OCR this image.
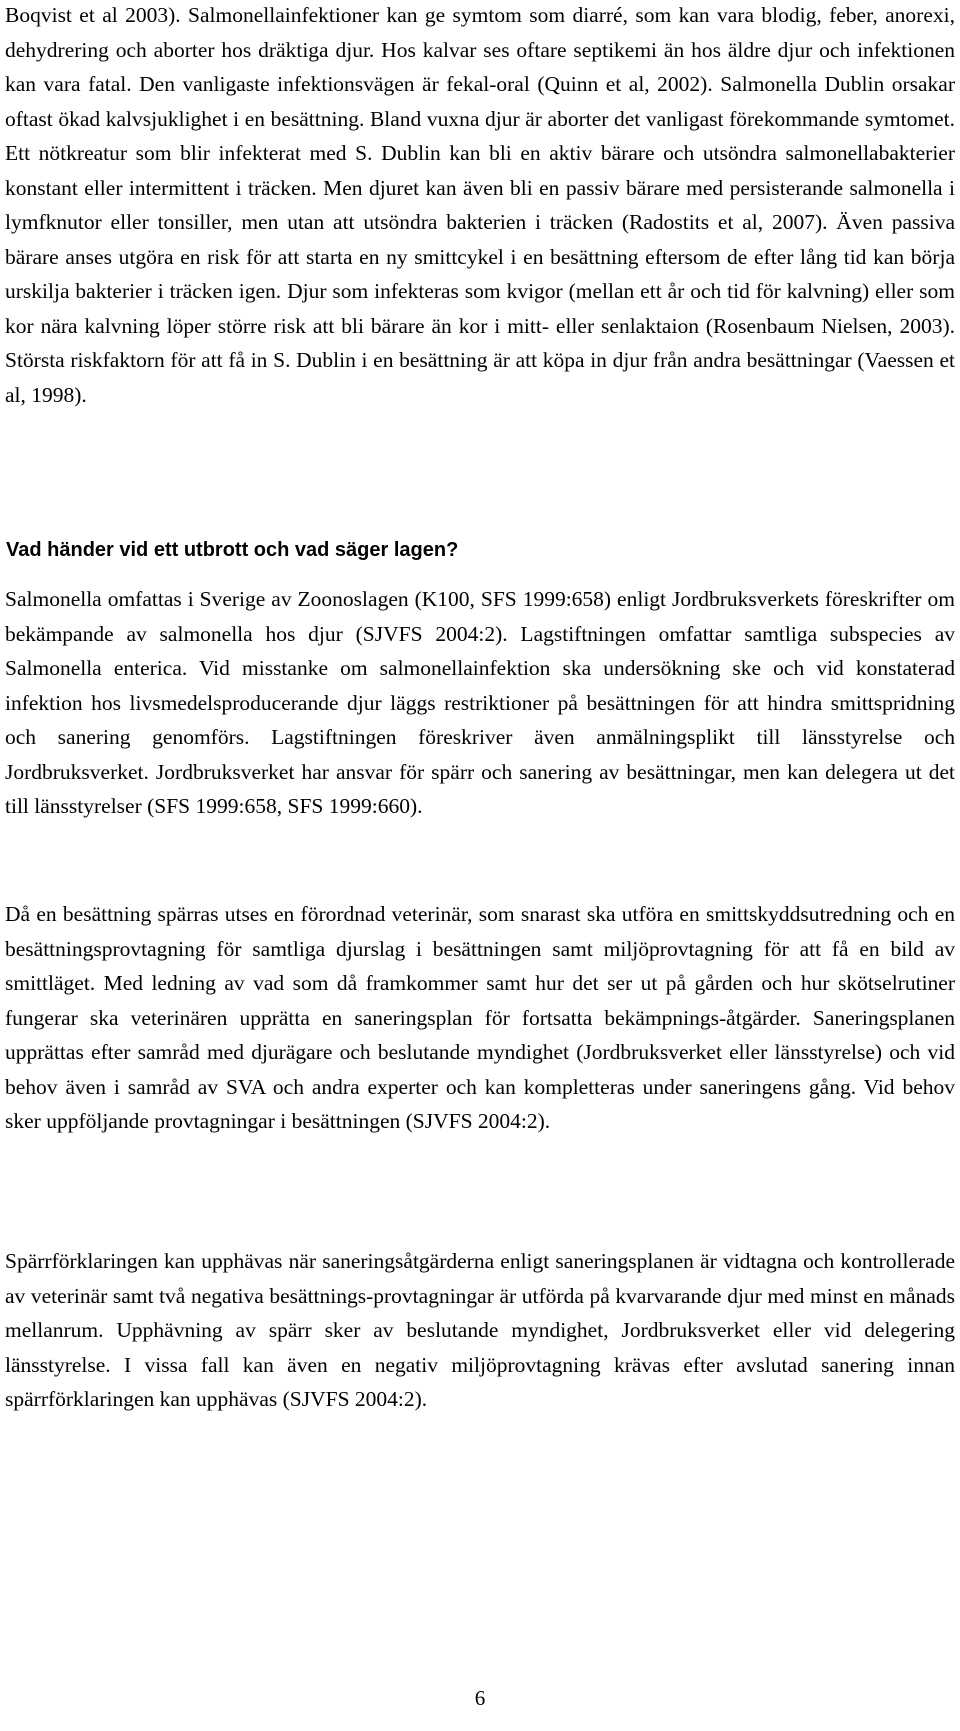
Boqvist et al 2003). Salmonellainfektioner kan ge symtom som diarré, som kan vara blodig, feber, anorexi, dehydrering och aborter hos dräktiga djur. Hos kalvar ses oftare septikemi än hos äldre djur och infektionen kan vara fatal. Den vanligaste infektionsvägen är fekal-oral (Quinn et al, 2002). Salmonella Dublin orsakar oftast ökad kalvsjuklighet i en besättning. Bland vuxna djur är aborter det vanligast förekommande symtomet. Ett nötkreatur som blir infekterat med S. Dublin kan bli en aktiv bärare och utsöndra salmonellabakterier konstant eller intermittent i träcken. Men djuret kan även bli en passiv bärare med persisterande salmonella i lymfknutor eller tonsiller, men utan att utsöndra bakterien i träcken (Radostits et al, 2007). Även passiva bärare anses utgöra en risk för att starta en ny smittcykel i en besättning eftersom de efter lång tid kan börja urskilja bakterier i träcken igen. Djur som infekteras som kvigor (mellan ett år och tid för kalvning) eller som kor nära kalvning löper större risk att bli bärare än kor i mitt- eller senlaktaion (Rosenbaum Nielsen, 2003). Största riskfaktorn för att få in S. Dublin i en besättning är att köpa in djur från andra besättningar (Vaessen et al, 1998).

Vad händer vid ett utbrott och vad säger lagen?

Salmonella omfattas i Sverige av Zoonoslagen (K100, SFS 1999:658) enligt Jordbruksverkets föreskrifter om bekämpande av salmonella hos djur (SJVFS 2004:2). Lagstiftningen omfattar samtliga subspecies av Salmonella enterica. Vid misstanke om salmonellainfektion ska undersökning ske och vid konstaterad infektion hos livsmedelsproducerande djur läggs restriktioner på besättningen för att hindra smittspridning och sanering genomförs. Lagstiftningen föreskriver även anmälningsplikt till länsstyrelse och Jordbruksverket. Jordbruksverket har ansvar för spärr och sanering av besättningar, men kan delegera ut det till länsstyrelser (SFS 1999:658, SFS 1999:660).

Då en besättning spärras utses en förordnad veterinär, som snarast ska utföra en smittskyddsutredning och en besättningsprovtagning för samtliga djurslag i besättningen samt miljöprovtagning för att få en bild av smittläget. Med ledning av vad som då framkommer samt hur det ser ut på gården och hur skötselrutiner fungerar ska veterinären upprätta en saneringsplan för fortsatta bekämpnings-åtgärder. Saneringsplanen upprättas efter samråd med djurägare och beslutande myndighet (Jordbruksverket eller länsstyrelse) och vid behov även i samråd av SVA och andra experter och kan kompletteras under saneringens gång. Vid behov sker uppföljande provtagningar i besättningen (SJVFS 2004:2).

Spärrförklaringen kan upphävas när saneringsåtgärderna enligt saneringsplanen är vidtagna och kontrollerade av veterinär samt två negativa besättnings-provtagningar är utförda på kvarvarande djur med minst en månads mellanrum. Upphävning av spärr sker av beslutande myndighet, Jordbruksverket eller vid delegering länsstyrelse. I vissa fall kan även en negativ miljöprovtagning krävas efter avslutad sanering innan spärrförklaringen kan upphävas (SJVFS 2004:2).

6
